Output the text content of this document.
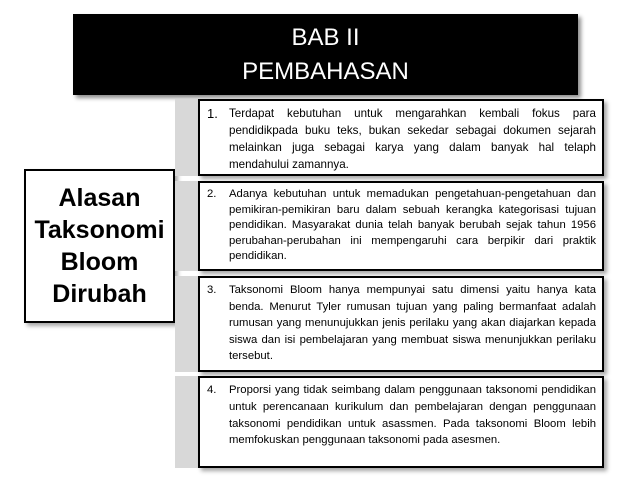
BAB II
PEMBAHASAN
Alasan
Taksonomi
Bloom
Dirubah
1. Terdapat kebutuhan untuk mengarahkan kembali fokus para pendidikpada buku teks, bukan sekedar sebagai dokumen sejarah melainkan juga sebagai karya yang dalam banyak hal telaph mendahului zamannya.
2.	Adanya kebutuhan untuk memadukan pengetahuan-pengetahuan dan pemikiran-pemikiran baru dalam sebuah kerangka kategorisasi tujuan pendidikan. Masyarakat dunia telah banyak berubah sejak tahun 1956 perubahan-perubahan ini mempengaruhi cara berpikir dari praktik pendidikan.
3.	Taksonomi Bloom hanya mempunyai satu dimensi yaitu hanya kata benda. Menurut Tyler rumusan tujuan yang paling bermanfaat adalah rumusan yang menunujukkan jenis perilaku yang akan diajarkan kepada siswa dan isi pembelajaran yang membuat siswa menunjukkan perilaku tersebut.
4.	Proporsi yang tidak seimbang dalam penggunaan taksonomi pendidikan untuk perencanaan kurikulum dan pembelajaran dengan penggunaan taksonomi pendidikan untuk asassmen. Pada taksonomi Bloom lebih memfokuskan penggunaan taksonomi pada asesmen.
